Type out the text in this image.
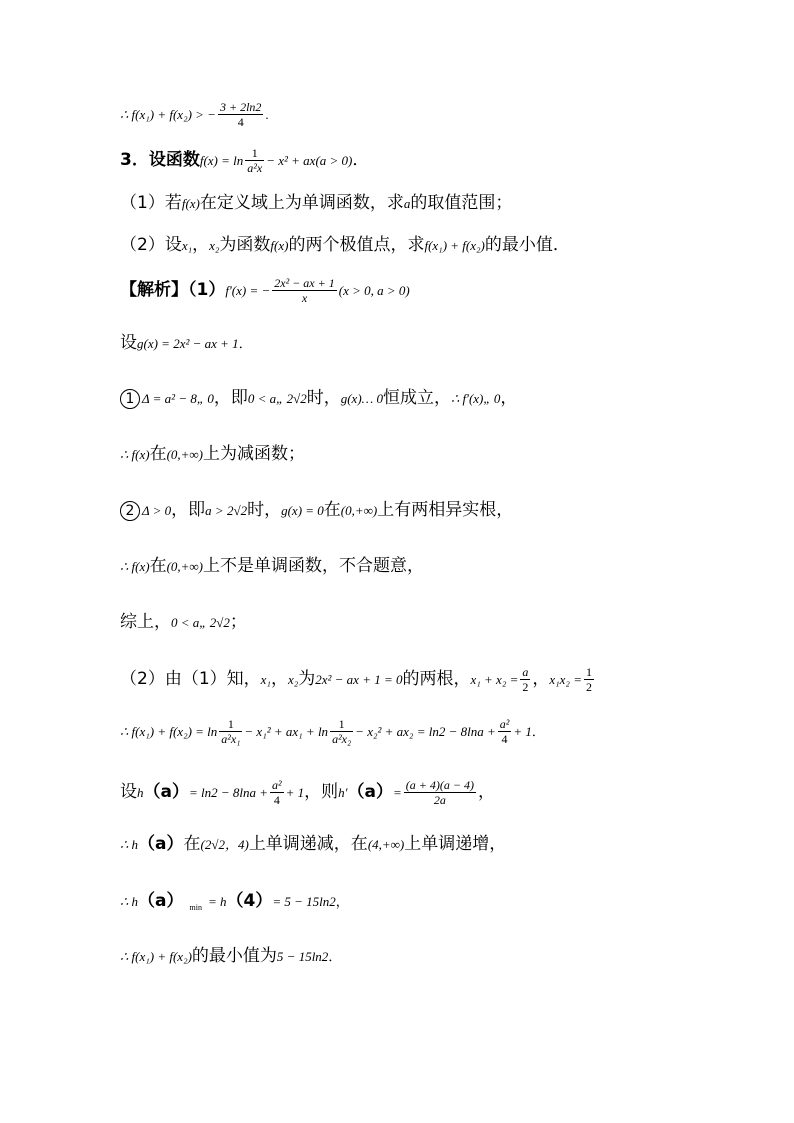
∴ f(x₁) + f(x₂) > − $\frac{3 + 2\ln 2}{4}$ .
3．设函数$f(x) = \ln \frac{1}{\text{a²x}} - x^2 + ax(a > 0)$．
（1）若f(x)在定义域上为单调函数，求a的取值范围；
（2）设x₁，x₂为函数f(x)的两个极值点，求f(x₁) + f(x₂)的最小值．
【解析】（1）f′(x) = − $\frac{\text{2x² − ax + 1}}{x} (x > 0$, a > 0)
设g(x) = 2x² − ax + 1．
1 Δ = a² − 8„ 0，即0 < a„ 2√2时，g(x)… 0恒成立，∴ f′(x)„ 0，
∴ f(x)在(0,+∞)上为减函数；
2 Δ > 0，即a > 2√2时，g(x) = 0在(0,+∞)上有两相异实根，
∴ f(x)在(0,+∞)上不是单调函数，不合题意，
综上，0 < a„ 2√2；
（2）由（1）知，x₁，x₂为2x² − ax + 1 = 0的两根，$x_1 + x_2 = \frac{a}{2}$ ，$x_1x_2 = \frac{1}{2}$
∴ $f(x_1) + f(x_2) = \ln \frac{1}{\text{a²x₁}} - x_1^2 + ax_1 + \ln \frac{1}{\text{a²x₂}} - x_2^2 + ax_2 = \ln 2 - 8\ln a + \frac{\text{a²}}{4} + 1$．
设$h(a)= \ln 2 - 8\ln a + \frac{\text{a²}}{4} + 1$，则$h'(a)= \frac{(a + 4)(a - 4)}{2a}$ ，
∴ h（a）在(2√2，4)上单调递减，在(4,+∞)上单调递增，
∴ h（a） $_{min}$ = h（4）= 5 − 15ln2，
∴ f(x₁) + f(x₂)的最小值为5 − 15ln2．
